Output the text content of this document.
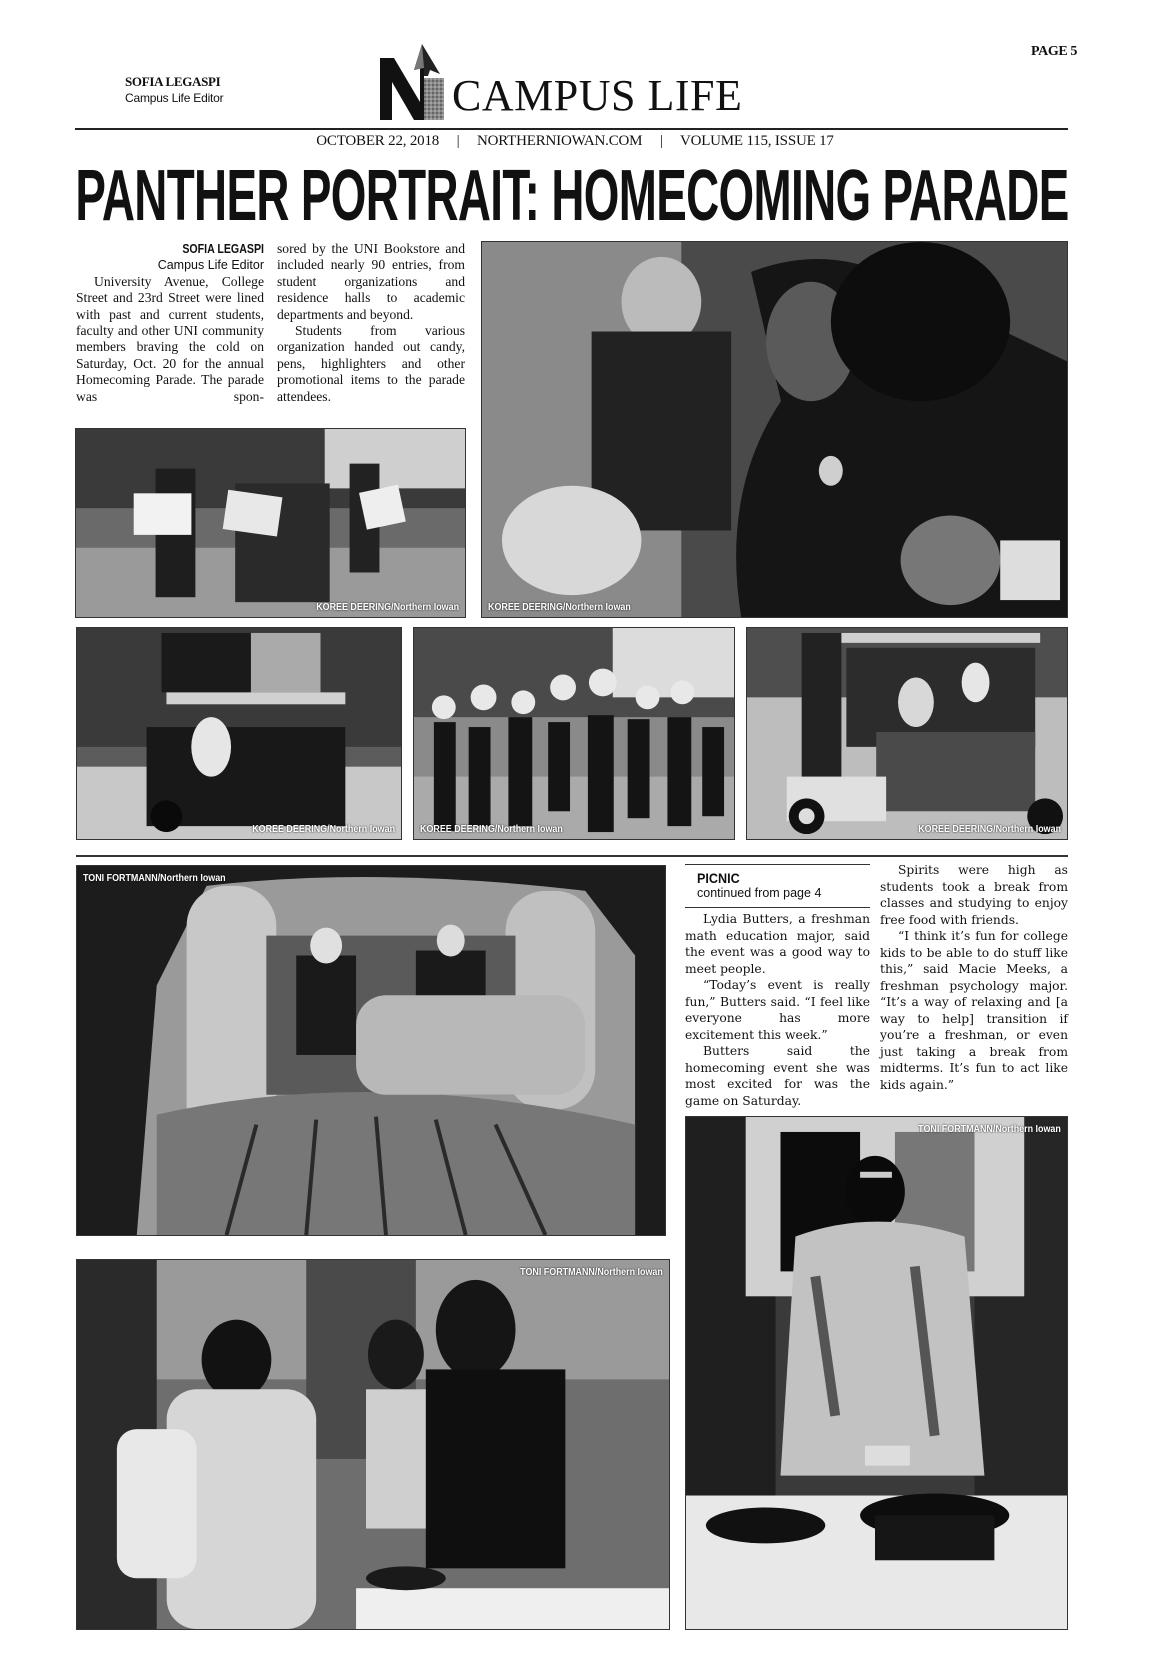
SOFIA LEGASPI
Campus Life Editor	CAMPUS LIFE
PAGE 5
OCTOBER 22, 2018 | NORTHERNIOWAN.COM | VOLUME 115, ISSUE 17
PANTHER PORTRAIT: HOMECOMING PARADE

SOFIA LEGASPI

Campus Life Editor

University Avenue, College Street and 23rd Street were lined with past and current students, faculty and other UNI community members braving the cold on Saturday, Oct. 20 for the annual Homecoming Parade. The parade was spon-

sored by the UNI Bookstore and included nearly 90 entries, from student organizations and residence halls to academic departments and beyond.

Students from various organization handed out candy, pens, highlighters and other promotional items to the parade attendees.

KOREE DEERING/Northern Iowan	KOREE DEERING/Northern Iowan
KOREE DEERING/Northern Iowan KOREE DEERING/Northern Iowan	KOREE DEERING/Northern Iowan
TONI FORTMANN/Northern Iowan	PICNIC
continued from page 4

Lydia Butters, a freshman math education major, said the event was a good way to meet people.

“Today’s event is really fun,” Butters said. “I feel like everyone has more excitement this week.”

Butters said the homecoming event she was most excited for was the game on Saturday.

Spirits were high as students took a break from classes and studying to enjoy free food with friends.

“I think it’s fun for college kids to be able to do stuff like this,” said Macie Meeks, a freshman psychology major. “It’s a way of relaxing and [a way to help] transition if you’re a freshman, or even just taking a break from midterms. It’s fun to act like kids again.”

TONI FORTMANN/Northern Iowan
TONI FORTMANN/Northern Iowan
